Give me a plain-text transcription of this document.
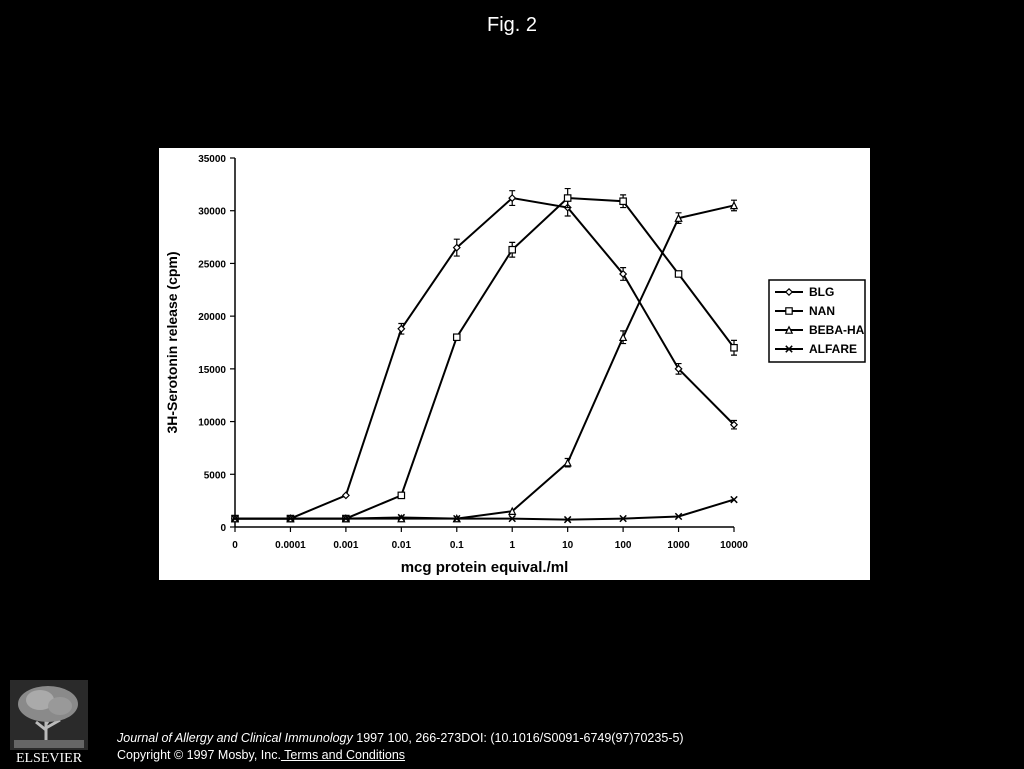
Fig. 2
0
5000
10000
15000
20000
25000
30000
35000
0	0.0001	0.001	0.01	0.1	1	10	100	1000	10000
mcg protein equival./ml
3H-Serotonin release (cpm)	BLG
NAN
BEBA-HA
ALFARE
ELSEVIER
Journal of Allergy and Clinical Immunology 1997 100, 266-273DOI: (10.1016/S0091-6749(97)70235-5)
Copyright © 1997 Mosby, Inc. Terms and Conditions
